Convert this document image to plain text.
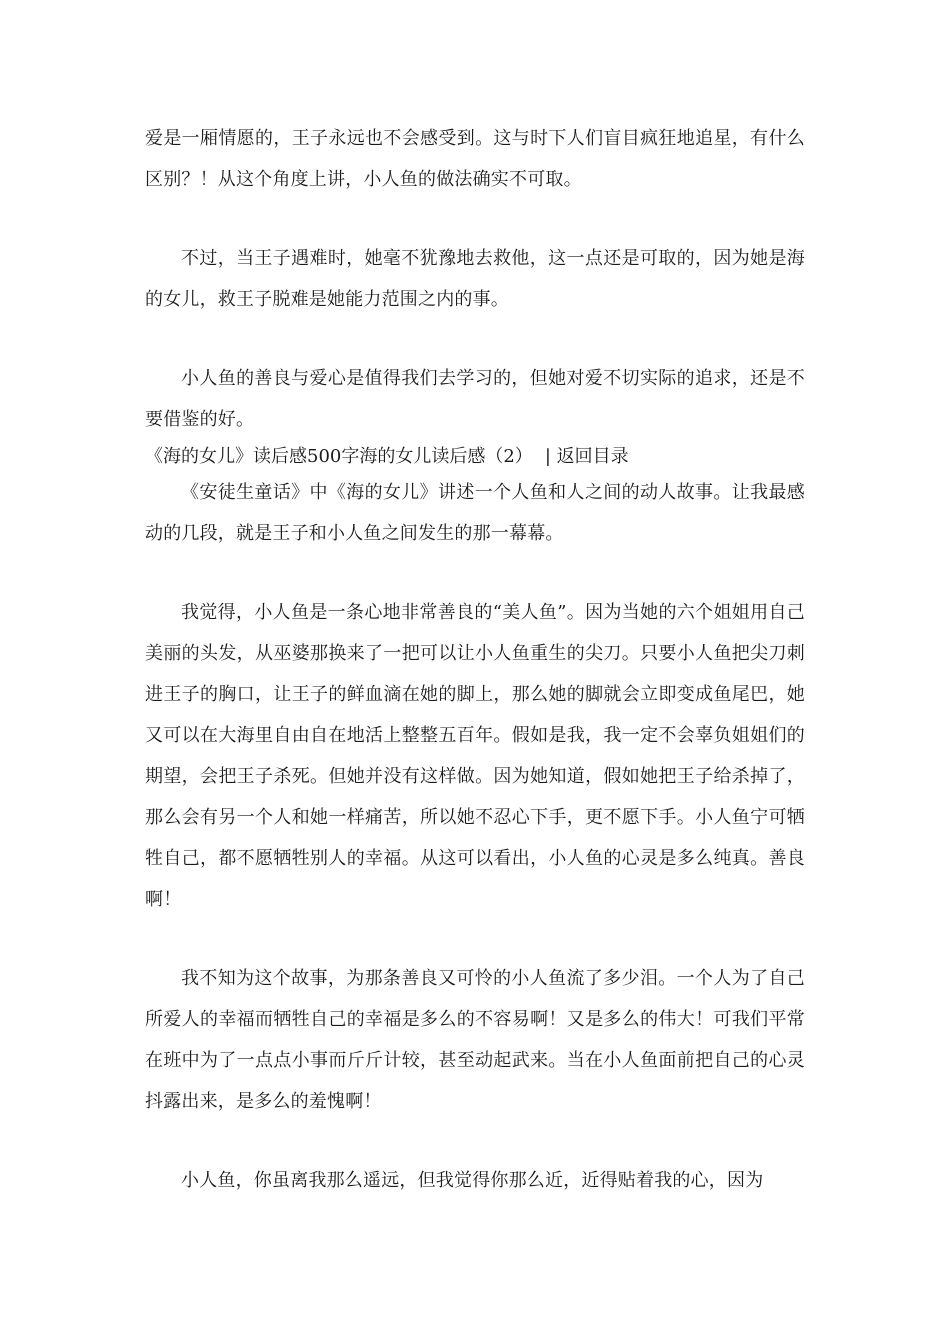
爱是一厢情愿的，王子永远也不会感受到。这与时下人们盲目疯狂地追星，有什么区别？！从这个角度上讲，小人鱼的做法确实不可取。

不过，当王子遇难时，她毫不犹豫地去救他，这一点还是可取的，因为她是海的女儿，救王子脱难是她能力范围之内的事。

小人鱼的善良与爱心是值得我们去学习的，但她对爱不切实际的追求，还是不要借鉴的好。

《海的女儿》读后感500字海的女儿读后感（2） | 返回目录

《安徒生童话》中《海的女儿》讲述一个人鱼和人之间的动人故事。让我最感动的几段，就是王子和小人鱼之间发生的那一幕幕。

我觉得，小人鱼是一条心地非常善良的“美人鱼”。因为当她的六个姐姐用自己美丽的头发，从巫婆那换来了一把可以让小人鱼重生的尖刀。只要小人鱼把尖刀刺进王子的胸口，让王子的鲜血滴在她的脚上，那么她的脚就会立即变成鱼尾巴，她又可以在大海里自由自在地活上整整五百年。假如是我，我一定不会辜负姐姐们的期望，会把王子杀死。但她并没有这样做。因为她知道，假如她把王子给杀掉了，那么会有另一个人和她一样痛苦，所以她不忍心下手，更不愿下手。小人鱼宁可牺牲自己，都不愿牺牲别人的幸福。从这可以看出，小人鱼的心灵是多么纯真。善良啊！

我不知为这个故事，为那条善良又可怜的小人鱼流了多少泪。一个人为了自己所爱人的幸福而牺牲自己的幸福是多么的不容易啊！又是多么的伟大！可我们平常在班中为了一点点小事而斤斤计较，甚至动起武来。当在小人鱼面前把自己的心灵抖露出来，是多么的羞愧啊！

小人鱼，你虽离我那么遥远，但我觉得你那么近，近得贴着我的心，因为
